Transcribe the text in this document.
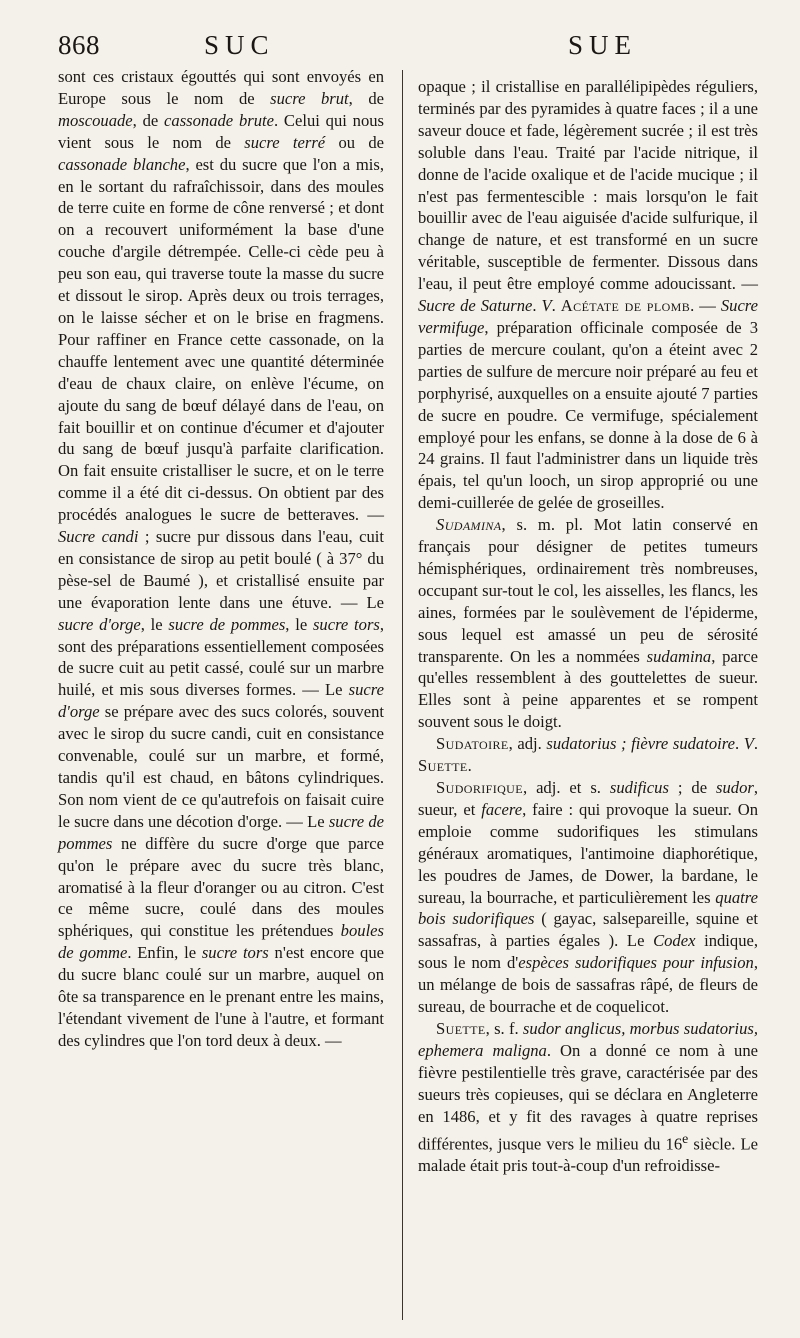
868	SUC	SUE

sont ces cristaux égouttés qui sont envoyés en Europe sous le nom de sucre brut, de moscouade, de cassonade brute. Celui qui nous vient sous le nom de sucre terré ou de cassonade blanche, est du sucre que l'on a mis, en le sortant du rafraîchissoir, dans des moules de terre cuite en forme de cône renversé ; et dont on a recouvert uniformément la base d'une couche d'argile détrempée. Celle-ci cède peu à peu son eau, qui traverse toute la masse du sucre et dissout le sirop. Après deux ou trois terrages, on le laisse sécher et on le brise en fragmens. Pour raffiner en France cette cassonade, on la chauffe lentement avec une quantité déterminée d'eau de chaux claire, on enlève l'écume, on ajoute du sang de bœuf délayé dans de l'eau, on fait bouillir et on continue d'écumer et d'ajouter du sang de bœuf jusqu'à parfaite clarification. On fait ensuite cristalliser le sucre, et on le terre comme il a été dit ci-dessus. On obtient par des procédés analogues le sucre de betteraves. — Sucre candi ; sucre pur dissous dans l'eau, cuit en consistance de sirop au petit boulé ( à 37° du pèse-sel de Baumé ), et cristallisé ensuite par une évaporation lente dans une étuve. — Le sucre d'orge, le sucre de pommes, le sucre tors, sont des préparations essentiellement composées de sucre cuit au petit cassé, coulé sur un marbre huilé, et mis sous diverses formes. — Le sucre d'orge se prépare avec des sucs colorés, souvent avec le sirop du sucre candi, cuit en consistance convenable, coulé sur un marbre, et formé, tandis qu'il est chaud, en bâtons cylindriques. Son nom vient de ce qu'autrefois on faisait cuire le sucre dans une décotion d'orge. — Le sucre de pommes ne diffère du sucre d'orge que parce qu'on le prépare avec du sucre très blanc, aromatisé à la fleur d'oranger ou au citron. C'est ce même sucre, coulé dans des moules sphériques, qui constitue les prétendues boules de gomme. Enfin, le sucre tors n'est encore que du sucre blanc coulé sur un marbre, auquel on ôte sa transparence en le prenant entre les mains, l'étendant vivement de l'une à l'autre, et formant des cylindres que l'on tord deux à deux. —

opaque ; il cristallise en parallélipipèdes réguliers, terminés par des pyramides à quatre faces ; il a une saveur douce et fade, légèrement sucrée ; il est très soluble dans l'eau. Traité par l'acide nitrique, il donne de l'acide oxalique et de l'acide mucique ; il n'est pas fermentescible : mais lorsqu'on le fait bouillir avec de l'eau aiguisée d'acide sulfurique, il change de nature, et est transformé en un sucre véritable, susceptible de fermenter. Dissous dans l'eau, il peut être employé comme adoucissant. — Sucre de Saturne. V. Acétate de plomb. — Sucre vermifuge, préparation officinale composée de 3 parties de mercure coulant, qu'on a éteint avec 2 parties de sulfure de mercure noir préparé au feu et porphyrisé, auxquelles on a ensuite ajouté 7 parties de sucre en poudre. Ce vermifuge, spécialement employé pour les enfans, se donne à la dose de 6 à 24 grains. Il faut l'administrer dans un liquide très épais, tel qu'un looch, un sirop approprié ou une demi-cuillerée de gelée de groseilles.

Sudamina, s. m. pl. Mot latin conservé en français pour désigner de petites tumeurs hémisphériques, ordinairement très nombreuses, occupant sur-tout le col, les aisselles, les flancs, les aines, formées par le soulèvement de l'épiderme, sous lequel est amassé un peu de sérosité transparente. On les a nommées sudamina, parce qu'elles ressemblent à des gouttelettes de sueur. Elles sont à peine apparentes et se rompent souvent sous le doigt.

Sudatoire, adj. sudatorius ; fièvre sudatoire. V. Suette.

Sudorifique, adj. et s. sudificus ; de sudor, sueur, et facere, faire : qui provoque la sueur. On emploie comme sudorifiques les stimulans généraux aromatiques, l'antimoine diaphorétique, les poudres de James, de Dower, la bardane, le sureau, la bourrache, et particulièrement les quatre bois sudorifiques ( gayac, salsepareille, squine et sassafras, à parties égales ). Le Codex indique, sous le nom d'espèces sudorifiques pour infusion, un mélange de bois de sassafras râpé, de fleurs de sureau, de bourrache et de coquelicot.

Suette, s. f. sudor anglicus, morbus sudatorius, ephemera maligna. On a donné ce nom à une fièvre pestilentielle très grave, caractérisée par des sueurs très copieuses, qui se déclara en Angleterre en 1486, et y fit des ravages à quatre reprises différentes, jusque vers le milieu du 16e siècle. Le malade était pris tout-à-coup d'un refroidisse-
